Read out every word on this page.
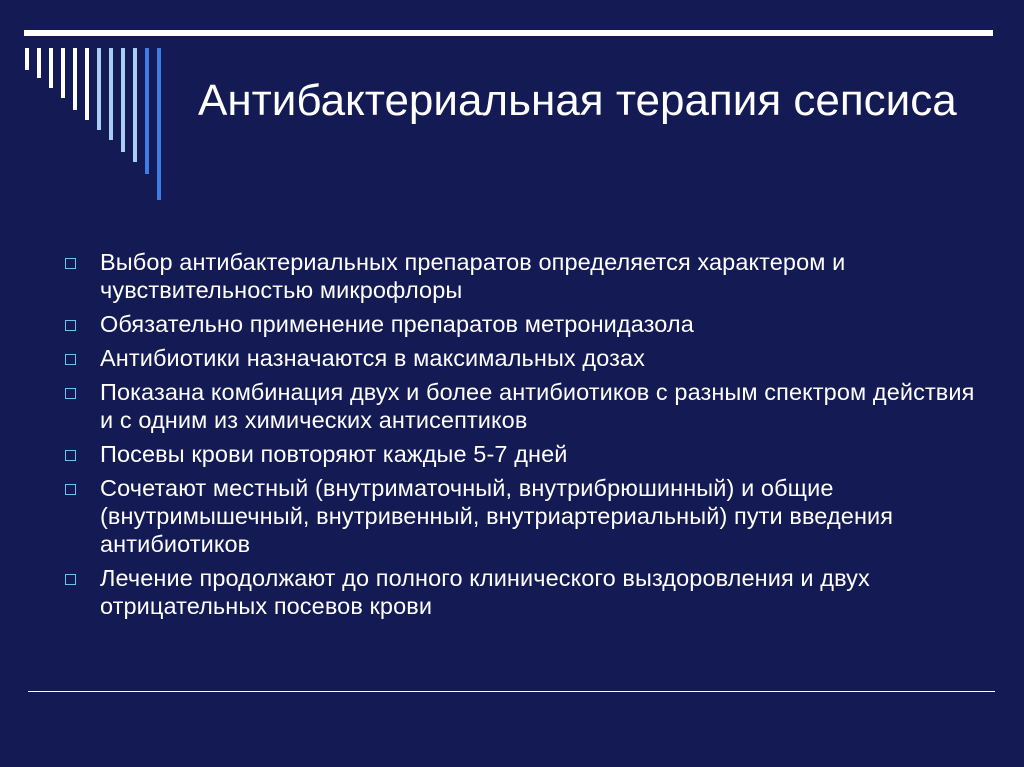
Антибактериальная терапия сепсиса
Выбор антибактериальных препаратов определяется характером и чувствительностью микрофлоры
Обязательно применение препаратов метронидазола
Антибиотики назначаются в максимальных дозах
Показана комбинация двух и более антибиотиков с разным спектром действия и с одним из химических антисептиков
Посевы крови повторяют каждые 5-7 дней
Сочетают местный (внутриматочный, внутрибрюшинный) и общие (внутримышечный, внутривенный, внутриартериальный) пути введения антибиотиков
Лечение продолжают до полного клинического выздоровления и двух отрицательных посевов крови
